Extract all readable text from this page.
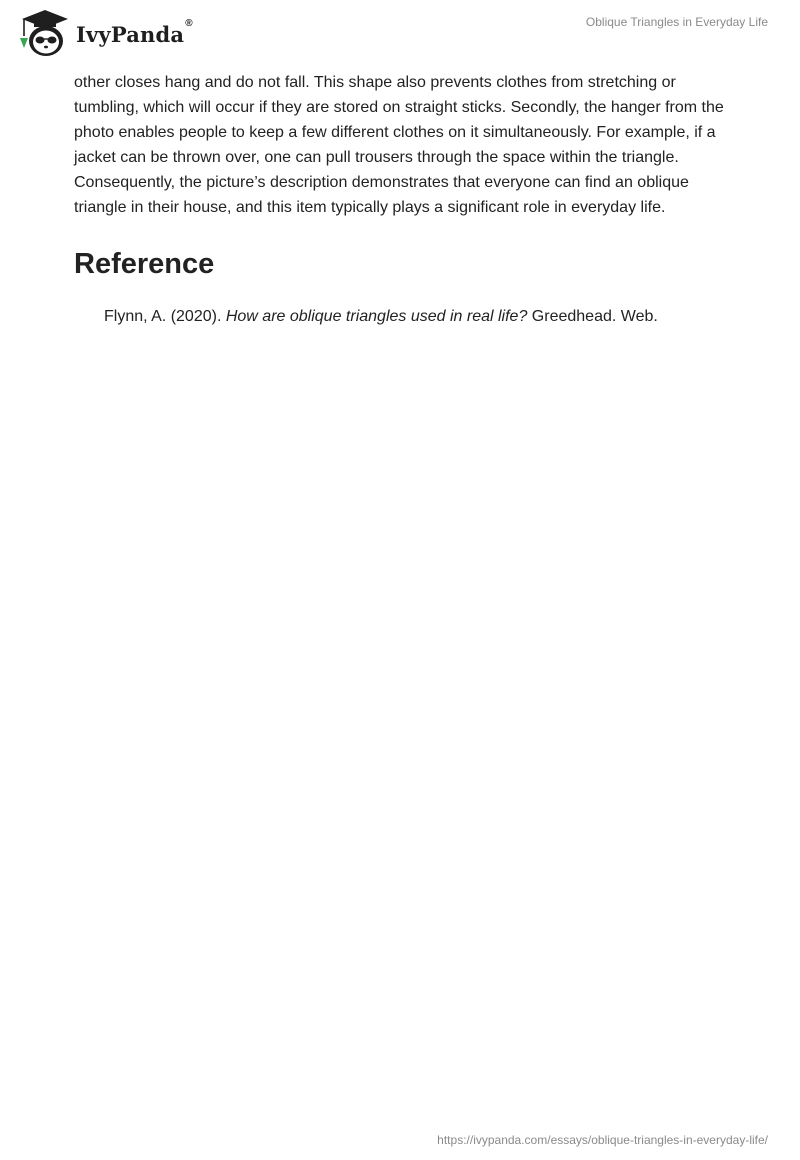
IvyPanda®	Oblique Triangles in Everyday Life

other closes hang and do not fall. This shape also prevents clothes from stretching or tumbling, which will occur if they are stored on straight sticks. Secondly, the hanger from the photo enables people to keep a few different clothes on it simultaneously. For example, if a jacket can be thrown over, one can pull trousers through the space within the triangle. Consequently, the picture’s description demonstrates that everyone can find an oblique triangle in their house, and this item typically plays a significant role in everyday life.

Reference

Flynn, A. (2020). How are oblique triangles used in real life? Greedhead. Web.

https://ivypanda.com/essays/oblique-triangles-in-everyday-life/
